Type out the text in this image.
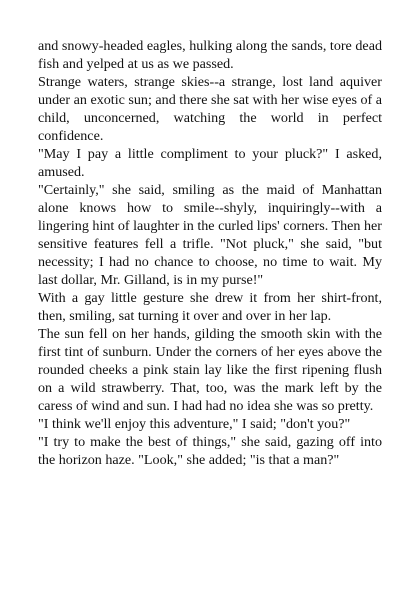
and snowy-headed eagles, hulking along the sands, tore dead fish and yelped at us as we passed.

Strange waters, strange skies--a strange, lost land aquiver under an exotic sun; and there she sat with her wise eyes of a child, unconcerned, watching the world in perfect confidence.

"May I pay a little compliment to your pluck?" I asked, amused.

"Certainly," she said, smiling as the maid of Manhattan alone knows how to smile--shyly, inquiringly--with a lingering hint of laughter in the curled lips' corners. Then her sensitive features fell a trifle. "Not pluck," she said, "but necessity; I had no chance to choose, no time to wait. My last dollar, Mr. Gilland, is in my purse!"

With a gay little gesture she drew it from her shirt-front, then, smiling, sat turning it over and over in her lap.

The sun fell on her hands, gilding the smooth skin with the first tint of sunburn. Under the corners of her eyes above the rounded cheeks a pink stain lay like the first ripening flush on a wild strawberry. That, too, was the mark left by the caress of wind and sun. I had had no idea she was so pretty.

"I think we'll enjoy this adventure," I said; "don't you?"

"I try to make the best of things," she said, gazing off into the horizon haze. "Look," she added; "is that a man?"
